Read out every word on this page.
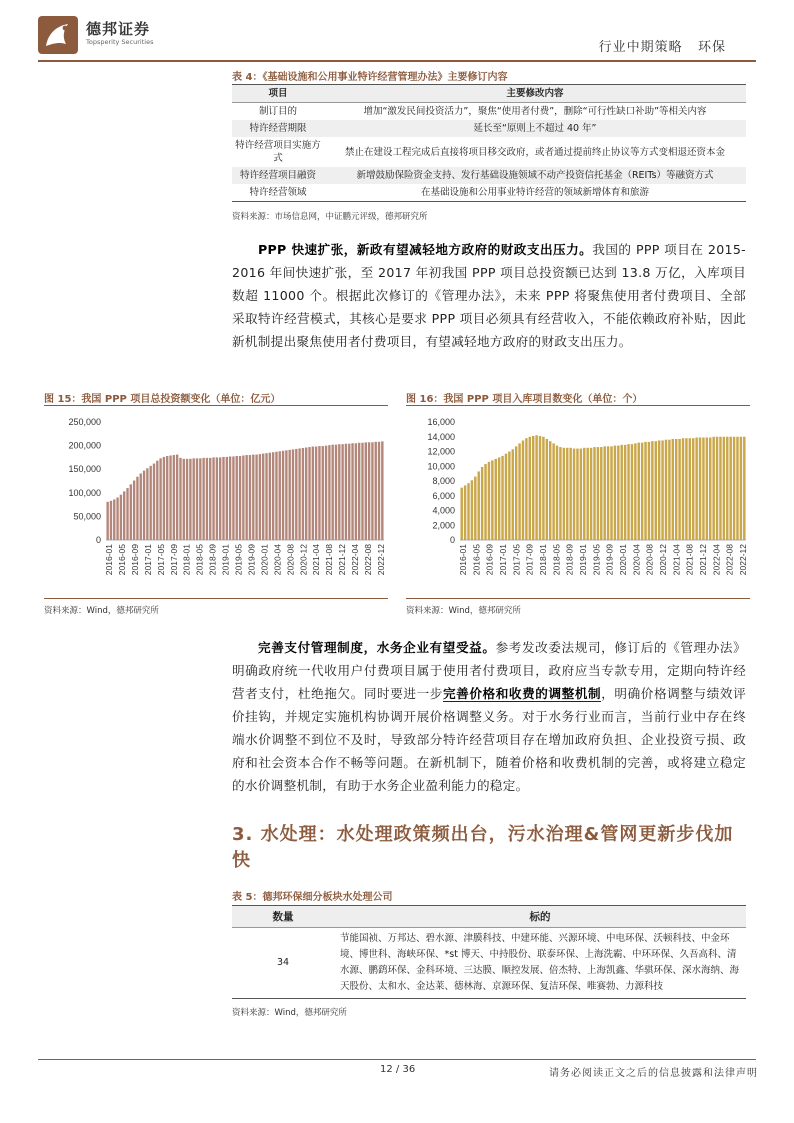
德邦证券
Topsperity Securities	行业中期策略 环保
表 4：《基础设施和公用事业特许经营管理办法》主要修订内容
项目	主要修改内容
制订目的	增加“激发民间投资活力”，聚焦“使用者付费”，删除“可行性缺口补助”等相关内容
特许经营期限	延长至“原则上不超过 40 年”
特许经营项目实施方式	禁止在建设工程完成后直接将项目移交政府，或者通过提前终止协议等方式变相退还资本金
特许经营项目融资	新增鼓励保险资金支持、发行基础设施领域不动产投资信托基金（REITs）等融资方式
特许经营领域	在基础设施和公用事业特许经营的领域新增体育和旅游
资料来源：市场信息网，中证鹏元评级，德邦研究所
PPP 快速扩张，新政有望减轻地方政府的财政支出压力。我国的 PPP 项目在 2015-2016 年间快速扩张，至 2017 年初我国 PPP 项目总投资额已达到 13.8 万亿，入库项目数超 11000 个。根据此次修订的《管理办法》，未来 PPP 将聚焦使用者付费项目、全部采取特许经营模式，其核心是要求 PPP 项目必须具有经营收入，不能依赖政府补贴，因此新机制提出聚焦使用者付费项目，有望减轻地方政府的财政支出压力。
图 15：我国 PPP 项目总投资额变化（单位：亿元）
250,000
200,000
150,000
100,000
50,000
0
2016-01 2016-05 2016-09 2017-01 2017-05 2017-09 2018-01 2018-05 2018-09 2019-01 2019-05 2019-09 2020-01 2020-04 2020-08 2020-12 2021-04 2021-08 2021-12 2022-04 2022-08 2022-12
资料来源：Wind，德邦研究所
图 16：我国 PPP 项目入库项目数变化（单位：个）
16,000
14,000
12,000
10,000
8,000
6,000
4,000
2,000
0
2016-01 2016-05 2016-09 2017-01 2017-05 2017-09 2018-01 2018-05 2018-09 2019-01 2019-05 2019-09 2020-01 2020-04 2020-08 2020-12 2021-04 2021-08 2021-12 2022-04 2022-08 2022-12
资料来源：Wind，德邦研究所
完善支付管理制度，水务企业有望受益。参考发改委法规司，修订后的《管理办法》明确政府统一代收用户付费项目属于使用者付费项目，政府应当专款专用，定期向特许经营者支付，杜绝拖欠。同时要进一步完善价格和收费的调整机制，明确价格调整与绩效评价挂钩，并规定实施机构协调开展价格调整义务。对于水务行业而言，当前行业中存在终端水价调整不到位不及时，导致部分特许经营项目存在增加政府负担、企业投资亏损、政府和社会资本合作不畅等问题。在新机制下，随着价格和收费机制的完善，或将建立稳定的水价调整机制，有助于水务企业盈利能力的稳定。
3. 水处理：水处理政策频出台，污水治理&管网更新步伐加快
表 5：德邦环保细分板块水处理公司
数量	标的
34	节能国祯、万邦达、碧水源、津膜科技、中建环能、兴源环境、中电环保、沃顿科技、中金环境、博世科、海峡环保、*st 博天、中持股份、联泰环保、上海洗霸、中环环保、久吾高科、清水源、鹏鹞环保、金科环境、三达膜、顺控发展、倍杰特、上海凯鑫、华骐环保、深水海纳、海天股份、太和水、金达莱、德林海、京源环保、复洁环保、唯赛勃、力源科技
资料来源：Wind，德邦研究所
12 / 36	请务必阅读正文之后的信息披露和法律声明
